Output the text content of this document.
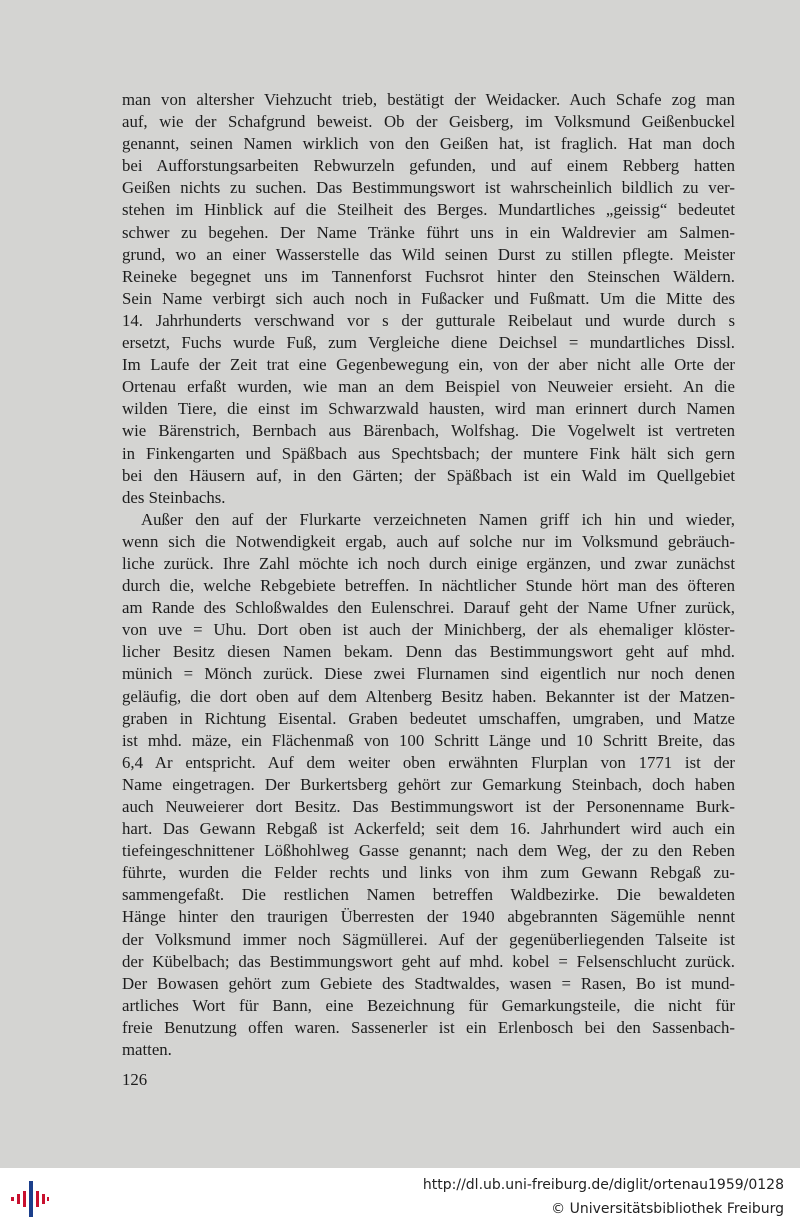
man von altersher Viehzucht trieb, bestätigt der Weidacker. Auch Schafe zog man
auf, wie der Schafgrund beweist. Ob der Geisberg, im Volksmund Geißenbuckel
genannt, seinen Namen wirklich von den Geißen hat, ist fraglich. Hat man doch
bei Aufforstungsarbeiten Rebwurzeln gefunden, und auf einem Rebberg hatten
Geißen nichts zu suchen. Das Bestimmungswort ist wahrscheinlich bildlich zu ver-
stehen im Hinblick auf die Steilheit des Berges. Mundartliches „geissig“ bedeutet
schwer zu begehen. Der Name Tränke führt uns in ein Waldrevier am Salmen-
grund, wo an einer Wasserstelle das Wild seinen Durst zu stillen pflegte. Meister
Reineke begegnet uns im Tannenforst Fuchsrot hinter den Steinschen Wäldern.
Sein Name verbirgt sich auch noch in Fußacker und Fußmatt. Um die Mitte des
14. Jahrhunderts verschwand vor s der gutturale Reibelaut und wurde durch s
ersetzt, Fuchs wurde Fuß, zum Vergleiche diene Deichsel = mundartliches Dissl.
Im Laufe der Zeit trat eine Gegenbewegung ein, von der aber nicht alle Orte der
Ortenau erfaßt wurden, wie man an dem Beispiel von Neuweier ersieht. An die
wilden Tiere, die einst im Schwarzwald hausten, wird man erinnert durch Namen
wie Bärenstrich, Bernbach aus Bärenbach, Wolfshag. Die Vogelwelt ist vertreten
in Finkengarten und Späßbach aus Spechtsbach; der muntere Fink hält sich gern
bei den Häusern auf, in den Gärten; der Späßbach ist ein Wald im Quellgebiet
des Steinbachs.
Außer den auf der Flurkarte verzeichneten Namen griff ich hin und wieder,
wenn sich die Notwendigkeit ergab, auch auf solche nur im Volksmund gebräuch-
liche zurück. Ihre Zahl möchte ich noch durch einige ergänzen, und zwar zunächst
durch die, welche Rebgebiete betreffen. In nächtlicher Stunde hört man des öfteren
am Rande des Schloßwaldes den Eulenschrei. Darauf geht der Name Ufner zurück,
von uve = Uhu. Dort oben ist auch der Minichberg, der als ehemaliger klöster-
licher Besitz diesen Namen bekam. Denn das Bestimmungswort geht auf mhd.
münich = Mönch zurück. Diese zwei Flurnamen sind eigentlich nur noch denen
geläufig, die dort oben auf dem Altenberg Besitz haben. Bekannter ist der Matzen-
graben in Richtung Eisental. Graben bedeutet umschaffen, umgraben, und Matze
ist mhd. mäze, ein Flächenmaß von 100 Schritt Länge und 10 Schritt Breite, das
6,4 Ar entspricht. Auf dem weiter oben erwähnten Flurplan von 1771 ist der
Name eingetragen. Der Burkertsberg gehört zur Gemarkung Steinbach, doch haben
auch Neuweierer dort Besitz. Das Bestimmungswort ist der Personenname Burk-
hart. Das Gewann Rebgaß ist Ackerfeld; seit dem 16. Jahrhundert wird auch ein
tiefeingeschnittener Lößhohlweg Gasse genannt; nach dem Weg, der zu den Reben
führte, wurden die Felder rechts und links von ihm zum Gewann Rebgaß zu-
sammengefaßt. Die restlichen Namen betreffen Waldbezirke. Die bewaldeten
Hänge hinter den traurigen Überresten der 1940 abgebrannten Sägemühle nennt
der Volksmund immer noch Sägmüllerei. Auf der gegenüberliegenden Talseite ist
der Kübelbach; das Bestimmungswort geht auf mhd. kobel = Felsenschlucht zurück.
Der Bowasen gehört zum Gebiete des Stadtwaldes, wasen = Rasen, Bo ist mund-
artliches Wort für Bann, eine Bezeichnung für Gemarkungsteile, die nicht für
freie Benutzung offen waren. Sassenerler ist ein Erlenbosch bei den Sassenbach-
matten.
126
http://dl.ub.uni-freiburg.de/diglit/ortenau1959/0128
© Universitätsbibliothek Freiburg
